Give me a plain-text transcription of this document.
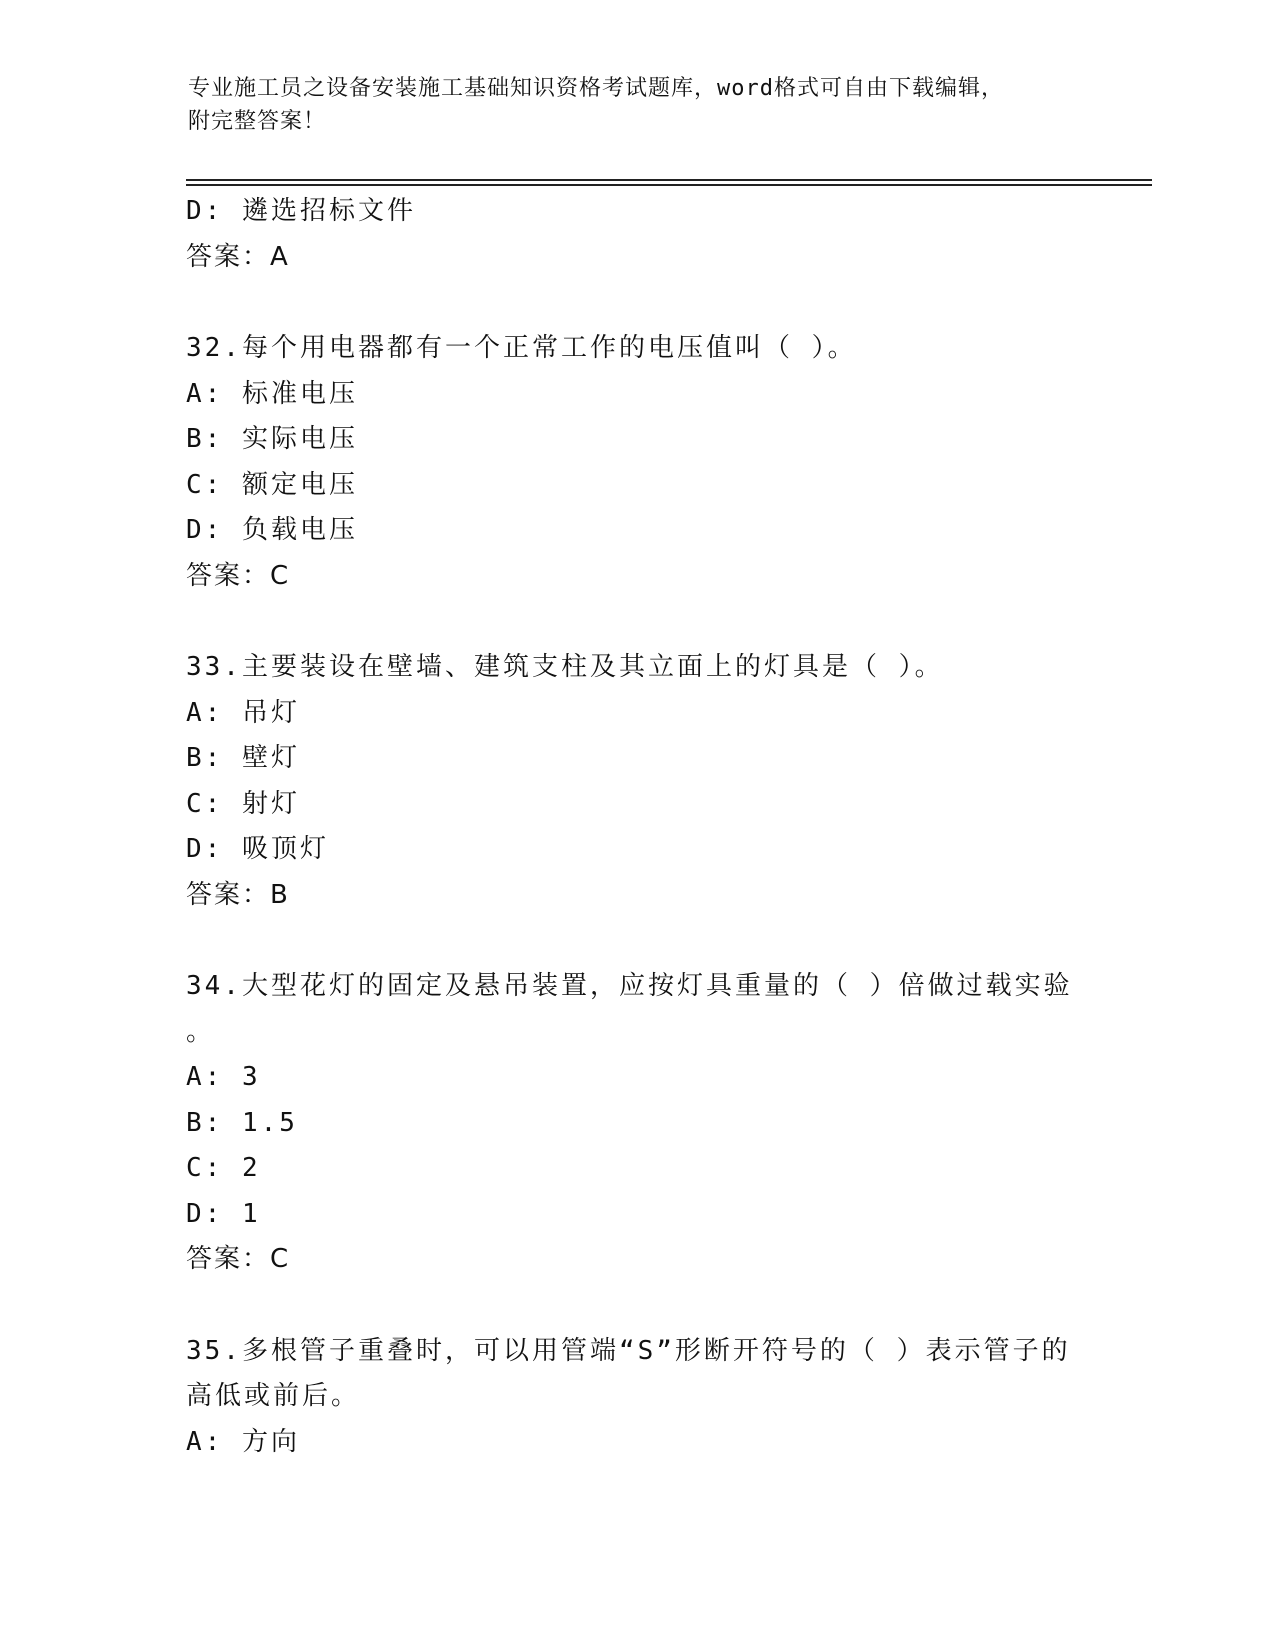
专业施工员之设备安装施工基础知识资格考试题库，word格式可自由下载编辑，
附完整答案！
D: 遴选招标文件
答案：A
32.每个用电器都有一个正常工作的电压值叫（ ）。
A: 标准电压
B: 实际电压
C: 额定电压
D: 负载电压
答案：C
33.主要装设在壁墙、建筑支柱及其立面上的灯具是（ ）。
A: 吊灯
B: 壁灯
C: 射灯
D: 吸顶灯
答案：B
34.大型花灯的固定及悬吊装置，应按灯具重量的（ ）倍做过载实验
。
A: 3
B: 1.5
C: 2
D: 1
答案：C
35.多根管子重叠时，可以用管端“S”形断开符号的（ ）表示管子的
高低或前后。
A: 方向
